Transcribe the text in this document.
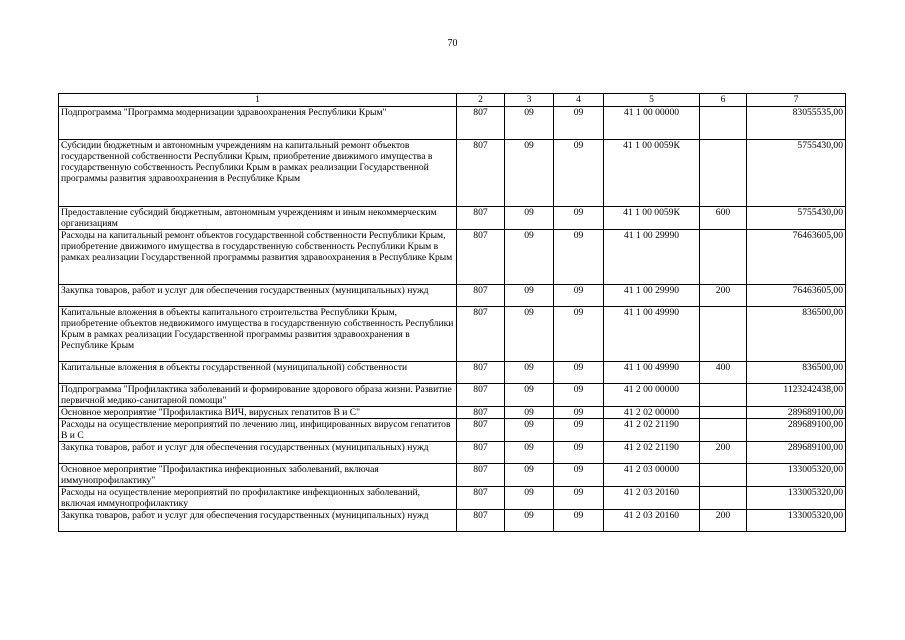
70
1	2	3	4	5	6	7
Подпрограмма "Программа модернизации здравоохранения Республики Крым"	807	09	09	41 1 00 00000		83055535,00
Субсидии бюджетным и автономным учреждениям на капитальный ремонт объектов государственной собственности Республики Крым, приобретение движимого имущества в государственную собственность Республики Крым в рамках реализации Государственной программы развития здравоохранения в Республике Крым	807	09	09	41 1 00 0059К		5755430,00
Предоставление субсидий бюджетным, автономным учреждениям и иным некоммерческим организациям	807	09	09	41 1 00 0059К	600	5755430,00
Расходы на капитальный ремонт объектов государственной собственности Республики Крым, приобретение движимого имущества в государственную собственность Республики Крым в рамках реализации Государственной программы развития здравоохранения в Республике Крым	807	09	09	41 1 00 29990		76463605,00
Закупка товаров, работ и услуг для обеспечения государственных (муниципальных) нужд	807	09	09	41 1 00 29990	200	76463605,00
Капитальные вложения в объекты капитального строительства Республики Крым, приобретение объектов недвижимого имущества в государственную собственность Республики Крым в рамках реализации Государственной программы развития здравоохранения в Республике Крым	807	09	09	41 1 00 49990		836500,00
Капитальные вложения в объекты государственной (муниципальной) собственности	807	09	09	41 1 00 49990	400	836500,00
Подпрограмма "Профилактика заболеваний и формирование здорового образа жизни. Развитие первичной медико-санитарной помощи"	807	09	09	41 2 00 00000		1123242438,00
Основное мероприятие "Профилактика ВИЧ, вирусных гепатитов В и С"	807	09	09	41 2 02 00000		289689100,00
Расходы на осуществление мероприятий по лечению лиц, инфицированных вирусом гепатитов В и С	807	09	09	41 2 02 21190		289689100,00
Закупка товаров, работ и услуг для обеспечения государственных (муниципальных) нужд	807	09	09	41 2 02 21190	200	289689100,00
Основное мероприятие "Профилактика инфекционных заболеваний, включая иммунопрофилактику"	807	09	09	41 2 03 00000		133005320,00
Расходы на осуществление мероприятий по профилактике инфекционных заболеваний, включая иммунопрофилактику	807	09	09	41 2 03 20160		133005320,00
Закупка товаров, работ и услуг для обеспечения государственных (муниципальных) нужд	807	09	09	41 2 03 20160	200	133005320,00
